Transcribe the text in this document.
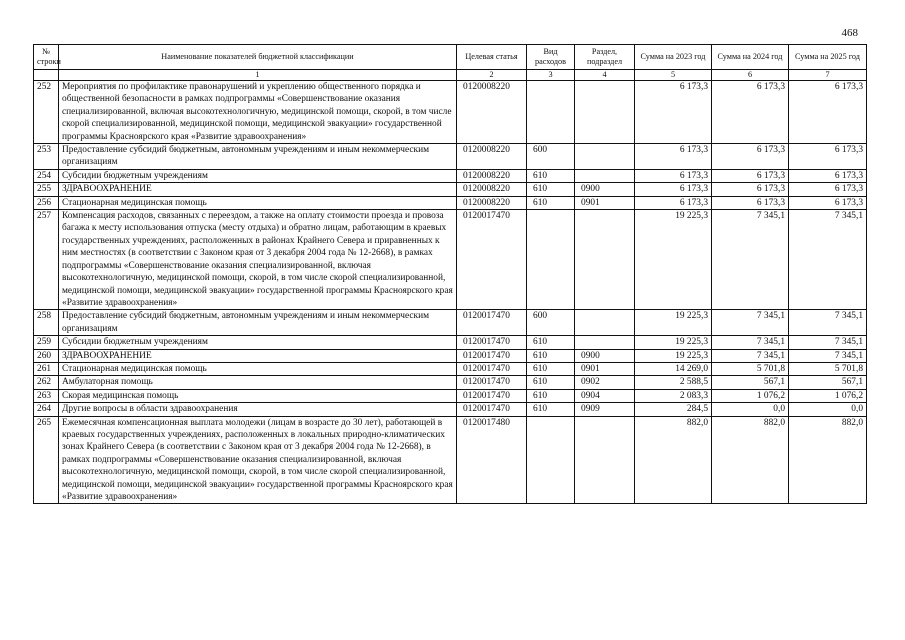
468
№ строки	Наименование показателей бюджетной классификации	Целевая статья	Вид расходов	Раздел, подраздел	Сумма на 2023 год	Сумма на 2024 год	Сумма на 2025 год
	1	2	3	4	5	6	7
252	Мероприятия по профилактике правонарушений и укреплению общественного порядка и общественной безопасности в рамках подпрограммы «Совершенствование оказания специализированной, включая высокотехнологичную, медицинской помощи, скорой, в том числе скорой специализированной, медицинской помощи, медицинской эвакуации» государственной программы Красноярского края «Развитие здравоохранения»	0120008220			6 173,3	6 173,3	6 173,3
253	Предоставление субсидий бюджетным, автономным учреждениям и иным некоммерческим организациям	0120008220	600		6 173,3	6 173,3	6 173,3
254	Субсидии бюджетным учреждениям	0120008220	610		6 173,3	6 173,3	6 173,3
255	ЗДРАВООХРАНЕНИЕ	0120008220	610	0900	6 173,3	6 173,3	6 173,3
256	Стационарная медицинская помощь	0120008220	610	0901	6 173,3	6 173,3	6 173,3
257	Компенсация расходов, связанных с переездом, а также на оплату стоимости проезда и провоза багажа к месту использования отпуска (месту отдыха) и обратно лицам, работающим в краевых государственных учреждениях, расположенных в районах Крайнего Севера и приравненных к ним местностях (в соответствии с Законом края от 3 декабря 2004 года № 12-2668), в рамках подпрограммы «Совершенствование оказания специализированной, включая высокотехнологичную, медицинской помощи, скорой, в том числе скорой специализированной, медицинской помощи, медицинской эвакуации» государственной программы Красноярского края «Развитие здравоохранения»	0120017470			19 225,3	7 345,1	7 345,1
258	Предоставление субсидий бюджетным, автономным учреждениям и иным некоммерческим организациям	0120017470	600		19 225,3	7 345,1	7 345,1
259	Субсидии бюджетным учреждениям	0120017470	610		19 225,3	7 345,1	7 345,1
260	ЗДРАВООХРАНЕНИЕ	0120017470	610	0900	19 225,3	7 345,1	7 345,1
261	Стационарная медицинская помощь	0120017470	610	0901	14 269,0	5 701,8	5 701,8
262	Амбулаторная помощь	0120017470	610	0902	2 588,5	567,1	567,1
263	Скорая медицинская помощь	0120017470	610	0904	2 083,3	1 076,2	1 076,2
264	Другие вопросы в области здравоохранения	0120017470	610	0909	284,5	0,0	0,0
265	Ежемесячная компенсационная выплата молодежи (лицам в возрасте до 30 лет), работающей в краевых государственных учреждениях, расположенных в локальных природно-климатических зонах Крайнего Севера (в соответствии с Законом края от 3 декабря 2004 года № 12-2668), в рамках подпрограммы «Совершенствование оказания специализированной, включая высокотехнологичную, медицинской помощи, скорой, в том числе скорой специализированной, медицинской помощи, медицинской эвакуации» государственной программы Красноярского края «Развитие здравоохранения»	0120017480			882,0	882,0	882,0
